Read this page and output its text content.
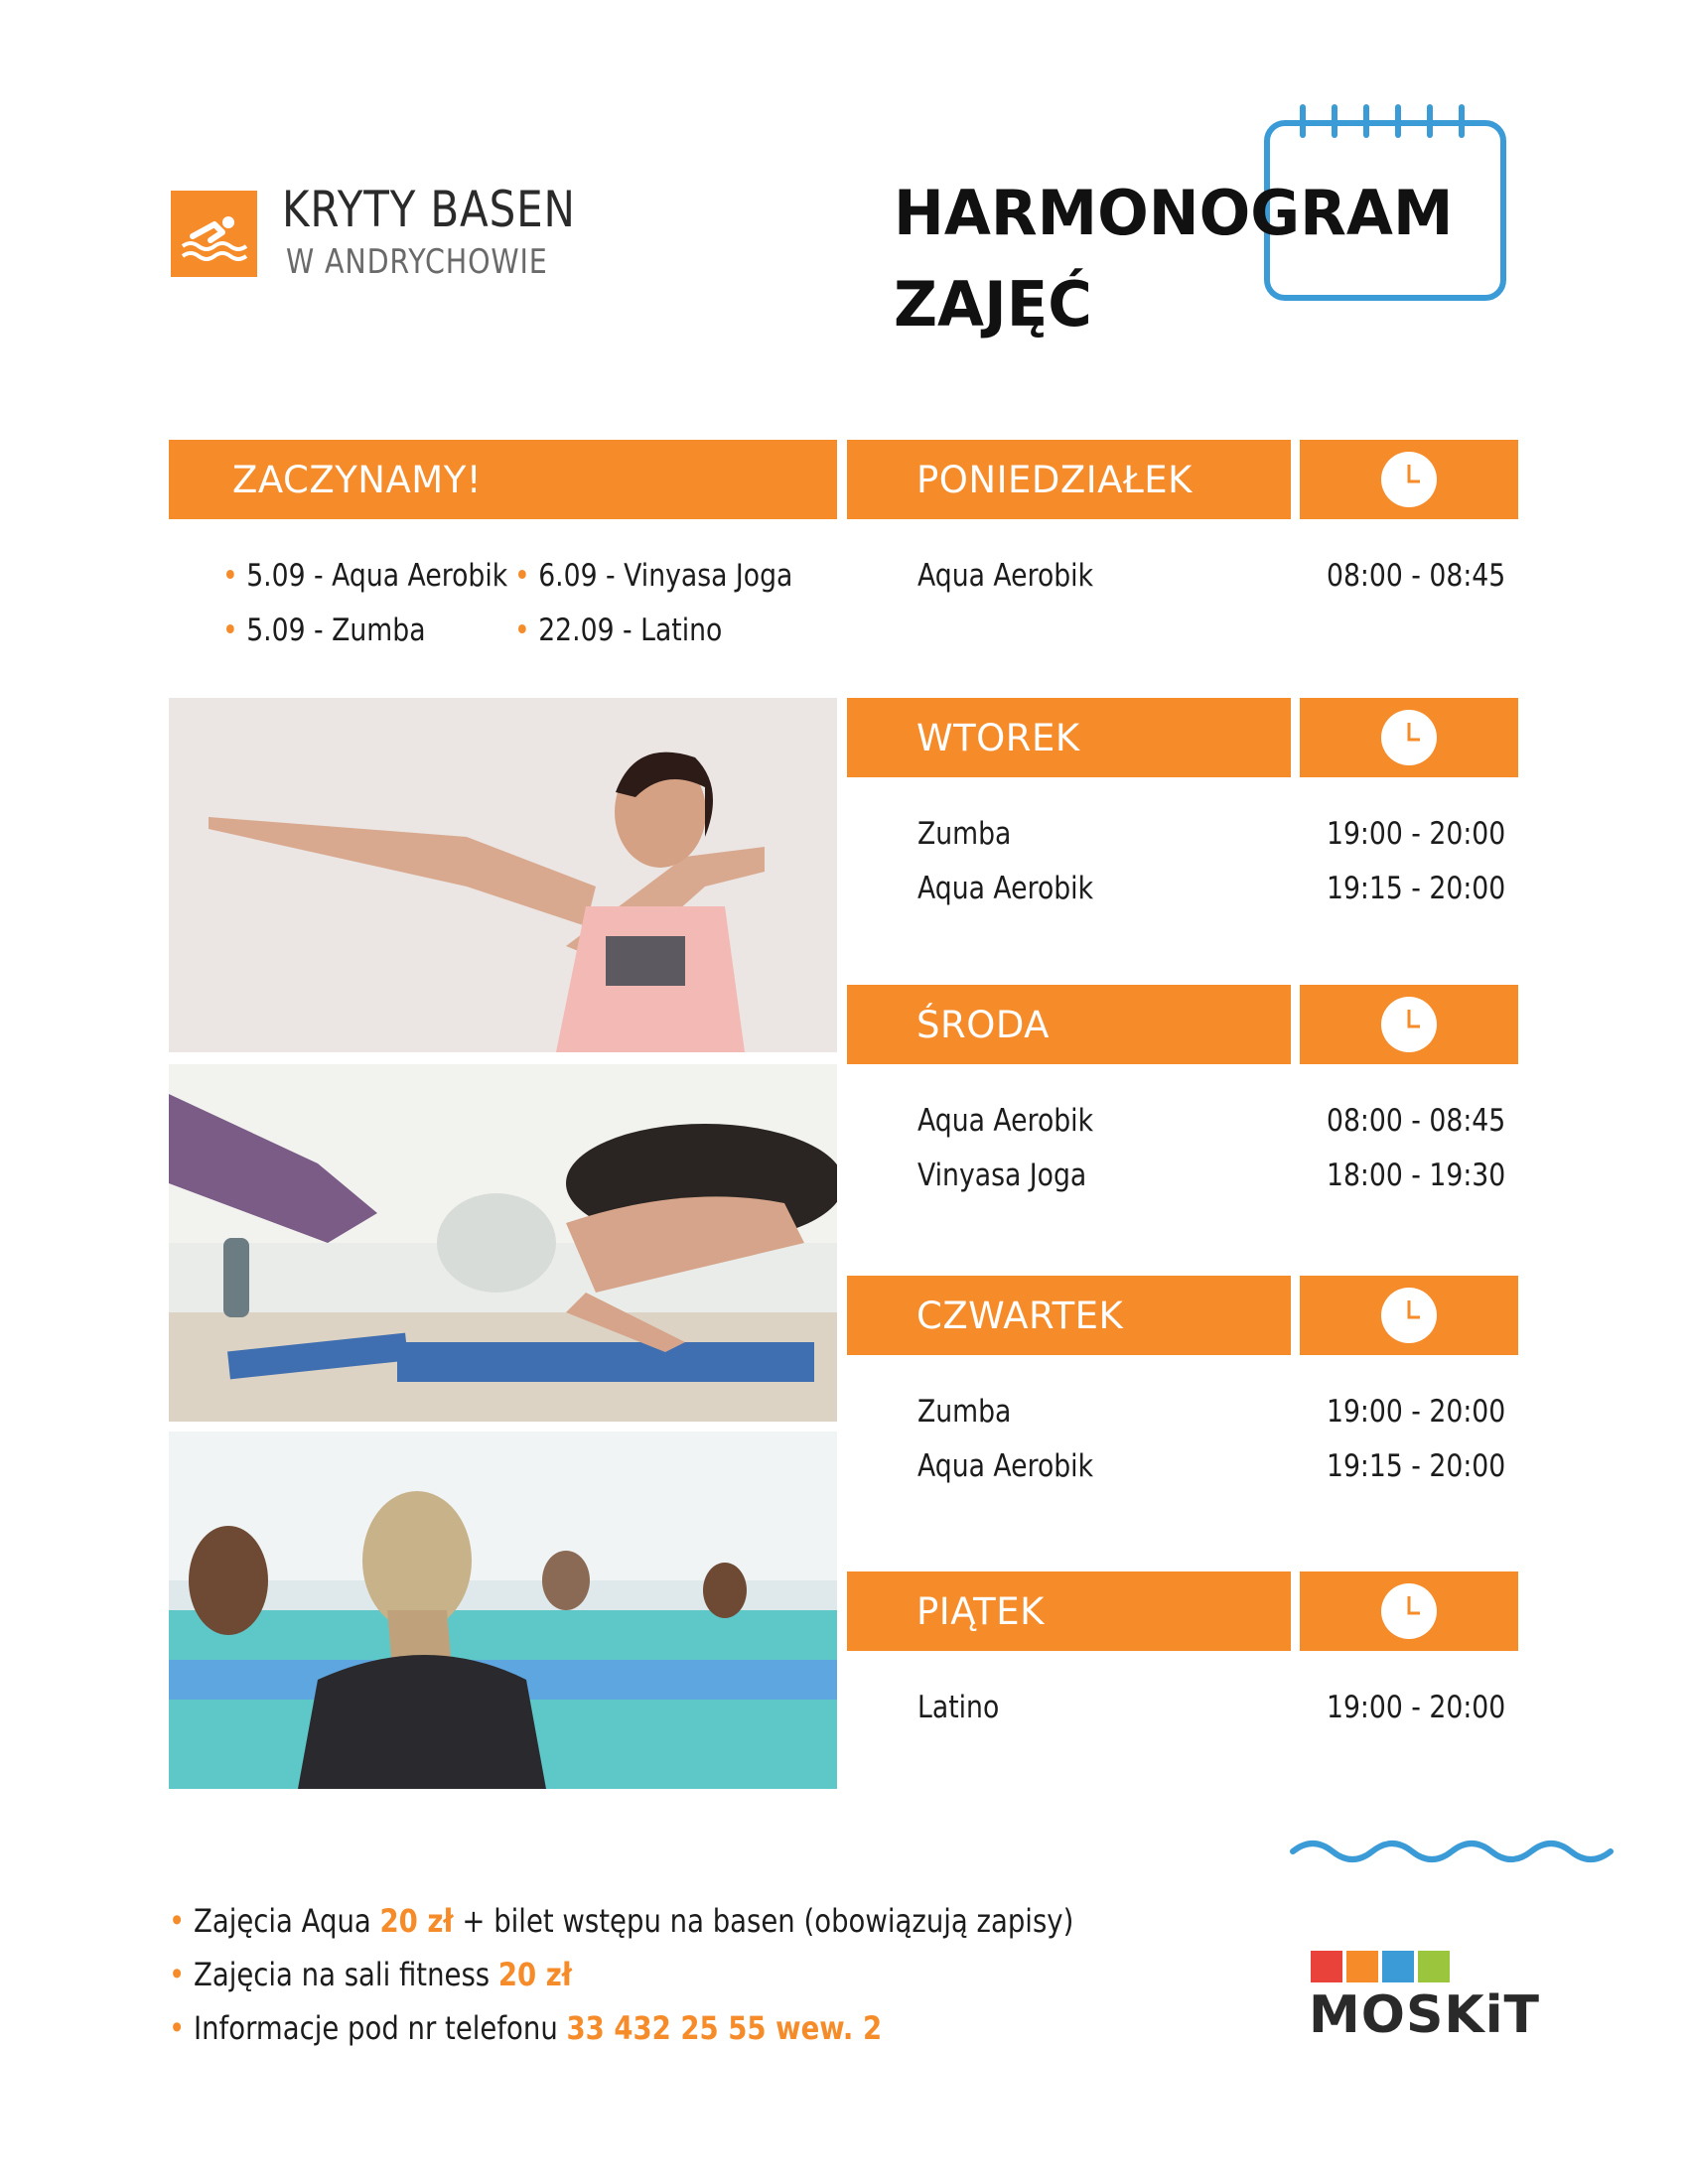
KRYTY BASEN
W ANDRYCHOWIE
HARMONOGRAM
ZAJĘĆ
ZACZYNAMY!
• 5.09 - Aqua Aerobik • 6.09 - Vinyasa Joga
• 5.09 - Zumba	• 22.09 - Latino
PONIEDZIAŁEK
Aqua Aerobik	08:00 - 08:45
WTOREK
Zumba	19:00 - 20:00
Aqua Aerobik	19:15 - 20:00
ŚRODA
Aqua Aerobik	08:00 - 08:45
Vinyasa Joga	18:00 - 19:30
CZWARTEK
Zumba	19:00 - 20:00
Aqua Aerobik	19:15 - 20:00
PIĄTEK
Latino	19:00 - 20:00
• Zajęcia Aqua 20 zł + bilet wstępu na basen (obowiązują zapisy)
• Zajęcia na sali fitness 20 zł
• Informacje pod nr telefonu 33 432 25 55 wew. 2	MOSKiT
